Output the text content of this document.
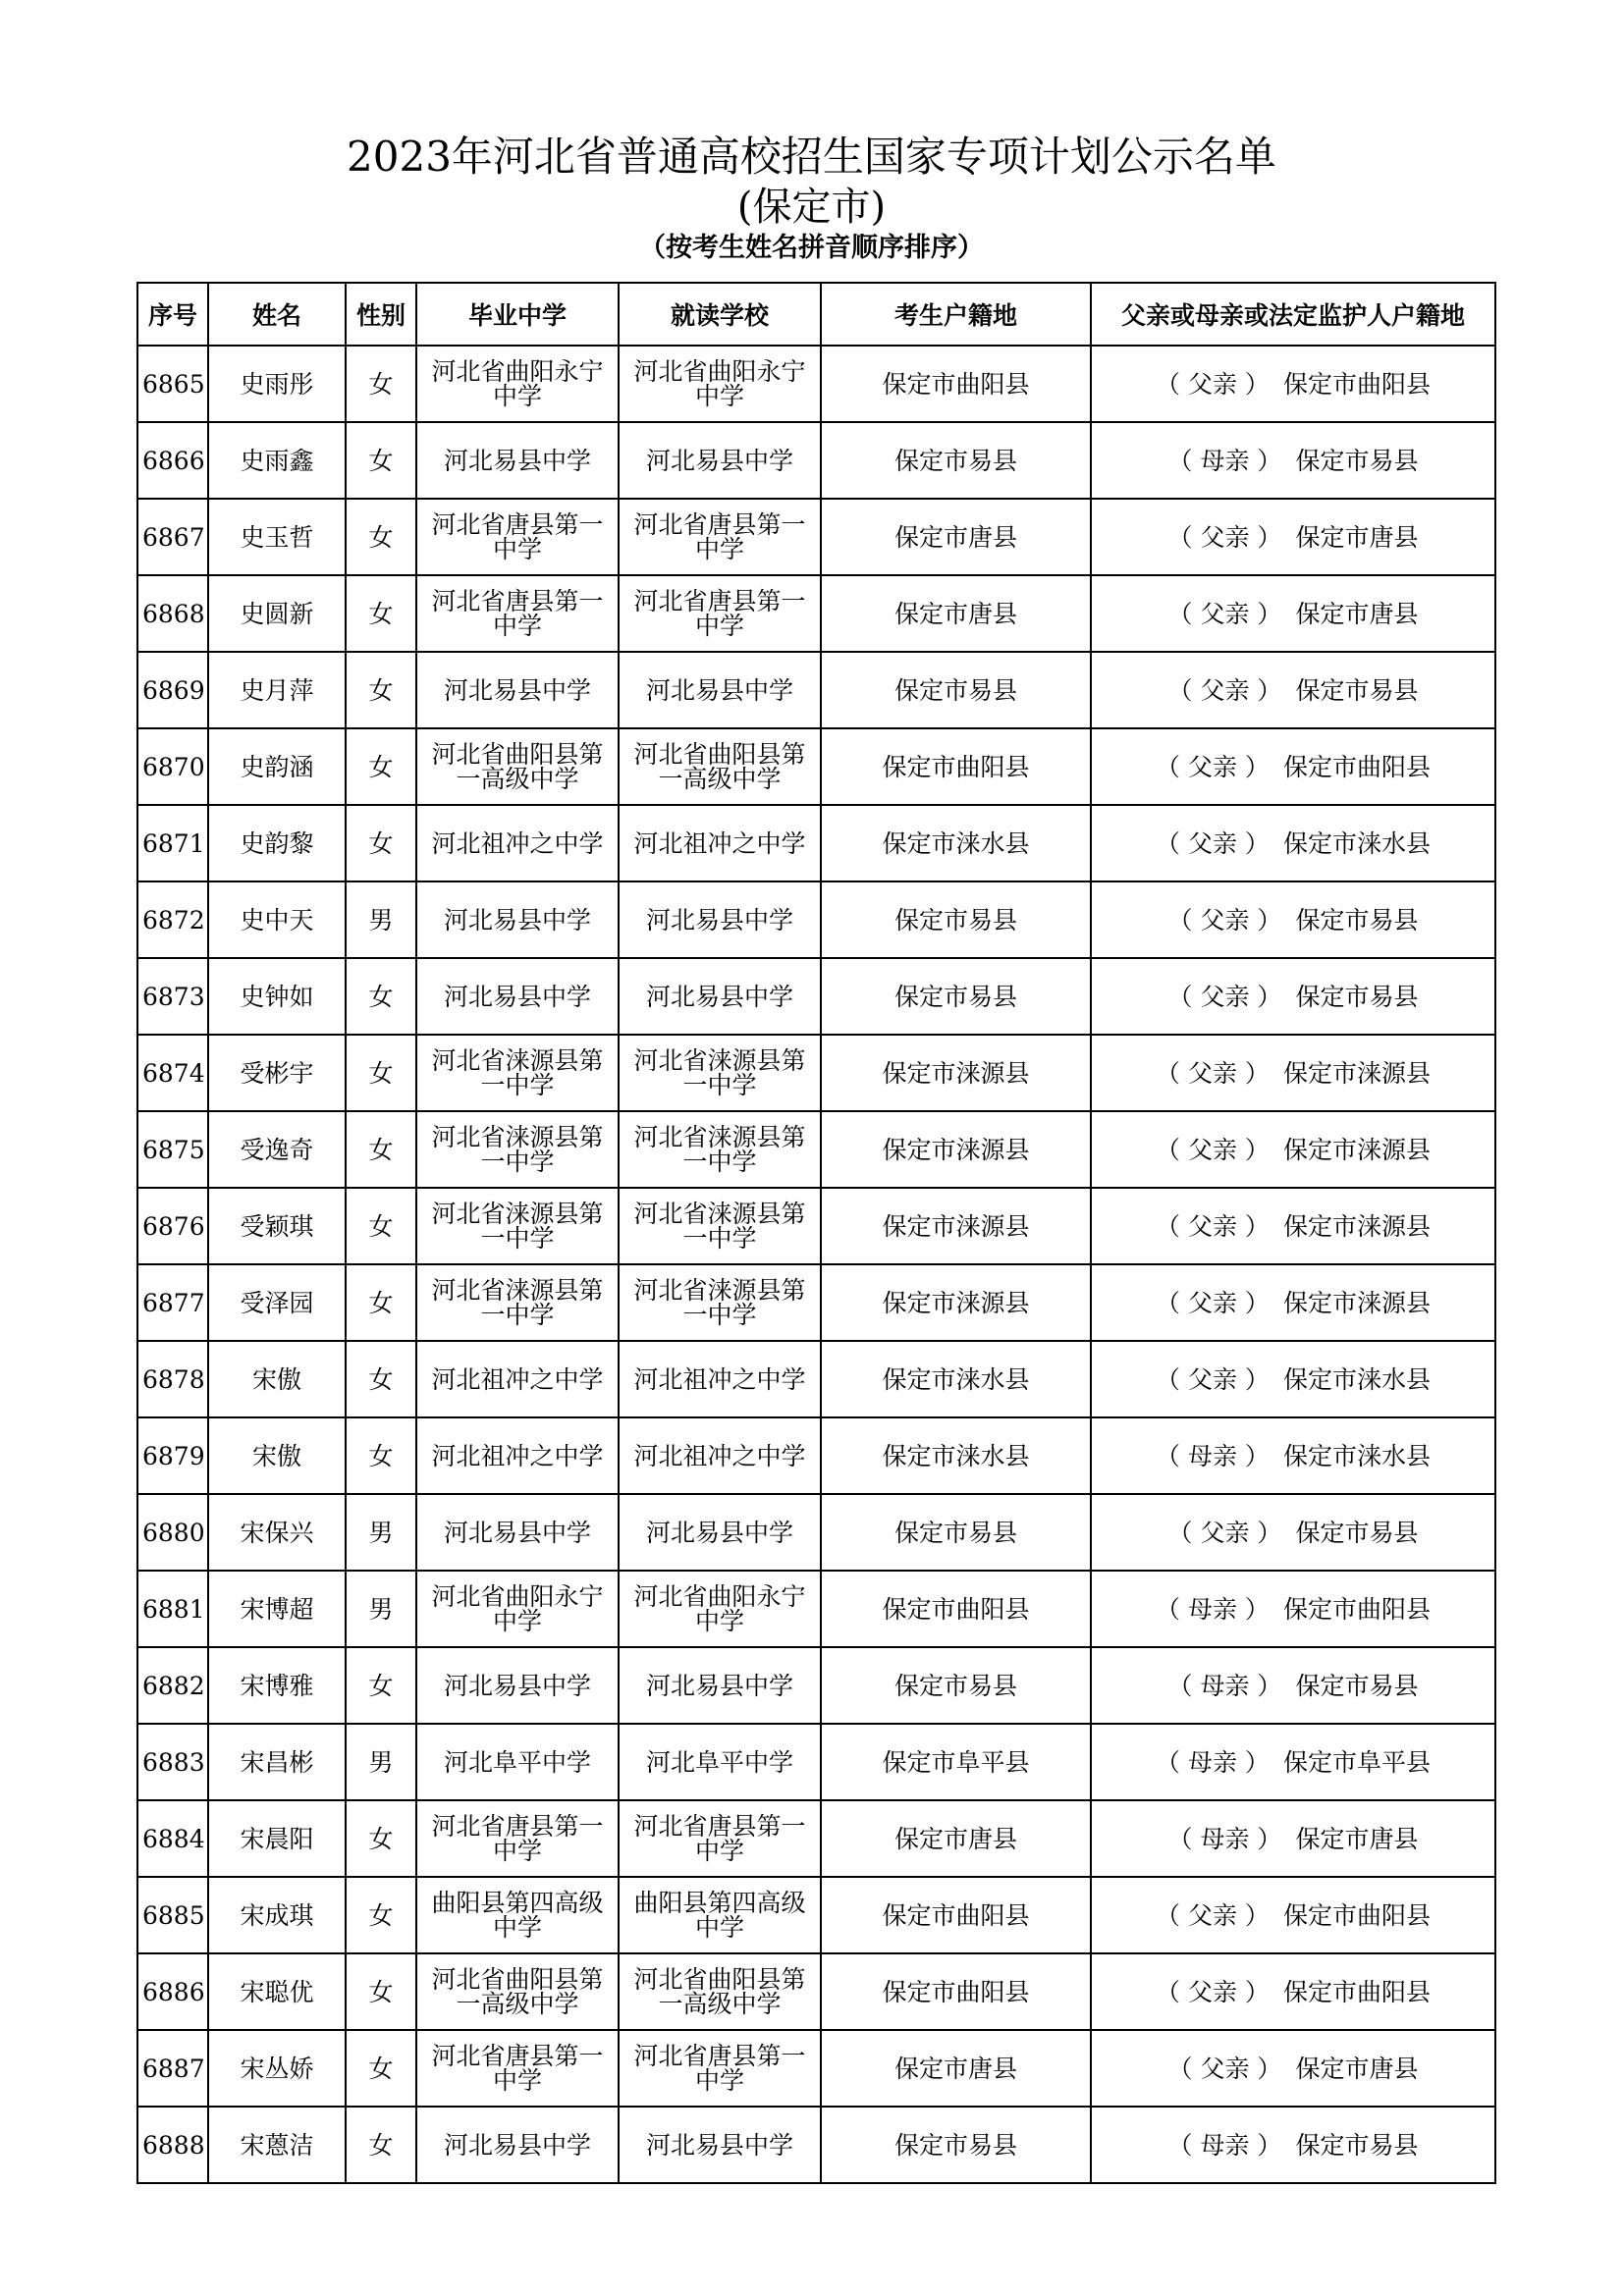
2023年河北省普通高校招生国家专项计划公示名单
(保定市)
（按考生姓名拼音顺序排序）
序号	姓名	性别	毕业中学	就读学校	考生户籍地	父亲或母亲或法定监护人户籍地
6865	史雨彤	女	河北省曲阳永宁中学	河北省曲阳永宁中学	保定市曲阳县	（ 父亲 ） 保定市曲阳县
6866	史雨鑫	女	河北易县中学	河北易县中学	保定市易县	（ 母亲 ） 保定市易县
6867	史玉哲	女	河北省唐县第一中学	河北省唐县第一中学	保定市唐县	（ 父亲 ） 保定市唐县
6868	史圆新	女	河北省唐县第一中学	河北省唐县第一中学	保定市唐县	（ 父亲 ） 保定市唐县
6869	史月萍	女	河北易县中学	河北易县中学	保定市易县	（ 父亲 ） 保定市易县
6870	史韵涵	女	河北省曲阳县第一高级中学	河北省曲阳县第一高级中学	保定市曲阳县	（ 父亲 ） 保定市曲阳县
6871	史韵黎	女	河北祖冲之中学	河北祖冲之中学	保定市涞水县	（ 父亲 ） 保定市涞水县
6872	史中天	男	河北易县中学	河北易县中学	保定市易县	（ 父亲 ） 保定市易县
6873	史钟如	女	河北易县中学	河北易县中学	保定市易县	（ 父亲 ） 保定市易县
6874	受彬宇	女	河北省涞源县第一中学	河北省涞源县第一中学	保定市涞源县	（ 父亲 ） 保定市涞源县
6875	受逸奇	女	河北省涞源县第一中学	河北省涞源县第一中学	保定市涞源县	（ 父亲 ） 保定市涞源县
6876	受颖琪	女	河北省涞源县第一中学	河北省涞源县第一中学	保定市涞源县	（ 父亲 ） 保定市涞源县
6877	受泽园	女	河北省涞源县第一中学	河北省涞源县第一中学	保定市涞源县	（ 父亲 ） 保定市涞源县
6878	宋傲	女	河北祖冲之中学	河北祖冲之中学	保定市涞水县	（ 父亲 ） 保定市涞水县
6879	宋傲	女	河北祖冲之中学	河北祖冲之中学	保定市涞水县	（ 母亲 ） 保定市涞水县
6880	宋保兴	男	河北易县中学	河北易县中学	保定市易县	（ 父亲 ） 保定市易县
6881	宋博超	男	河北省曲阳永宁中学	河北省曲阳永宁中学	保定市曲阳县	（ 母亲 ） 保定市曲阳县
6882	宋博雅	女	河北易县中学	河北易县中学	保定市易县	（ 母亲 ） 保定市易县
6883	宋昌彬	男	河北阜平中学	河北阜平中学	保定市阜平县	（ 母亲 ） 保定市阜平县
6884	宋晨阳	女	河北省唐县第一中学	河北省唐县第一中学	保定市唐县	（ 母亲 ） 保定市唐县
6885	宋成琪	女	曲阳县第四高级中学	曲阳县第四高级中学	保定市曲阳县	（ 父亲 ） 保定市曲阳县
6886	宋聪优	女	河北省曲阳县第一高级中学	河北省曲阳县第一高级中学	保定市曲阳县	（ 父亲 ） 保定市曲阳县
6887	宋丛娇	女	河北省唐县第一中学	河北省唐县第一中学	保定市唐县	（ 父亲 ） 保定市唐县
6888	宋蒽洁	女	河北易县中学	河北易县中学	保定市易县	（ 母亲 ） 保定市易县
